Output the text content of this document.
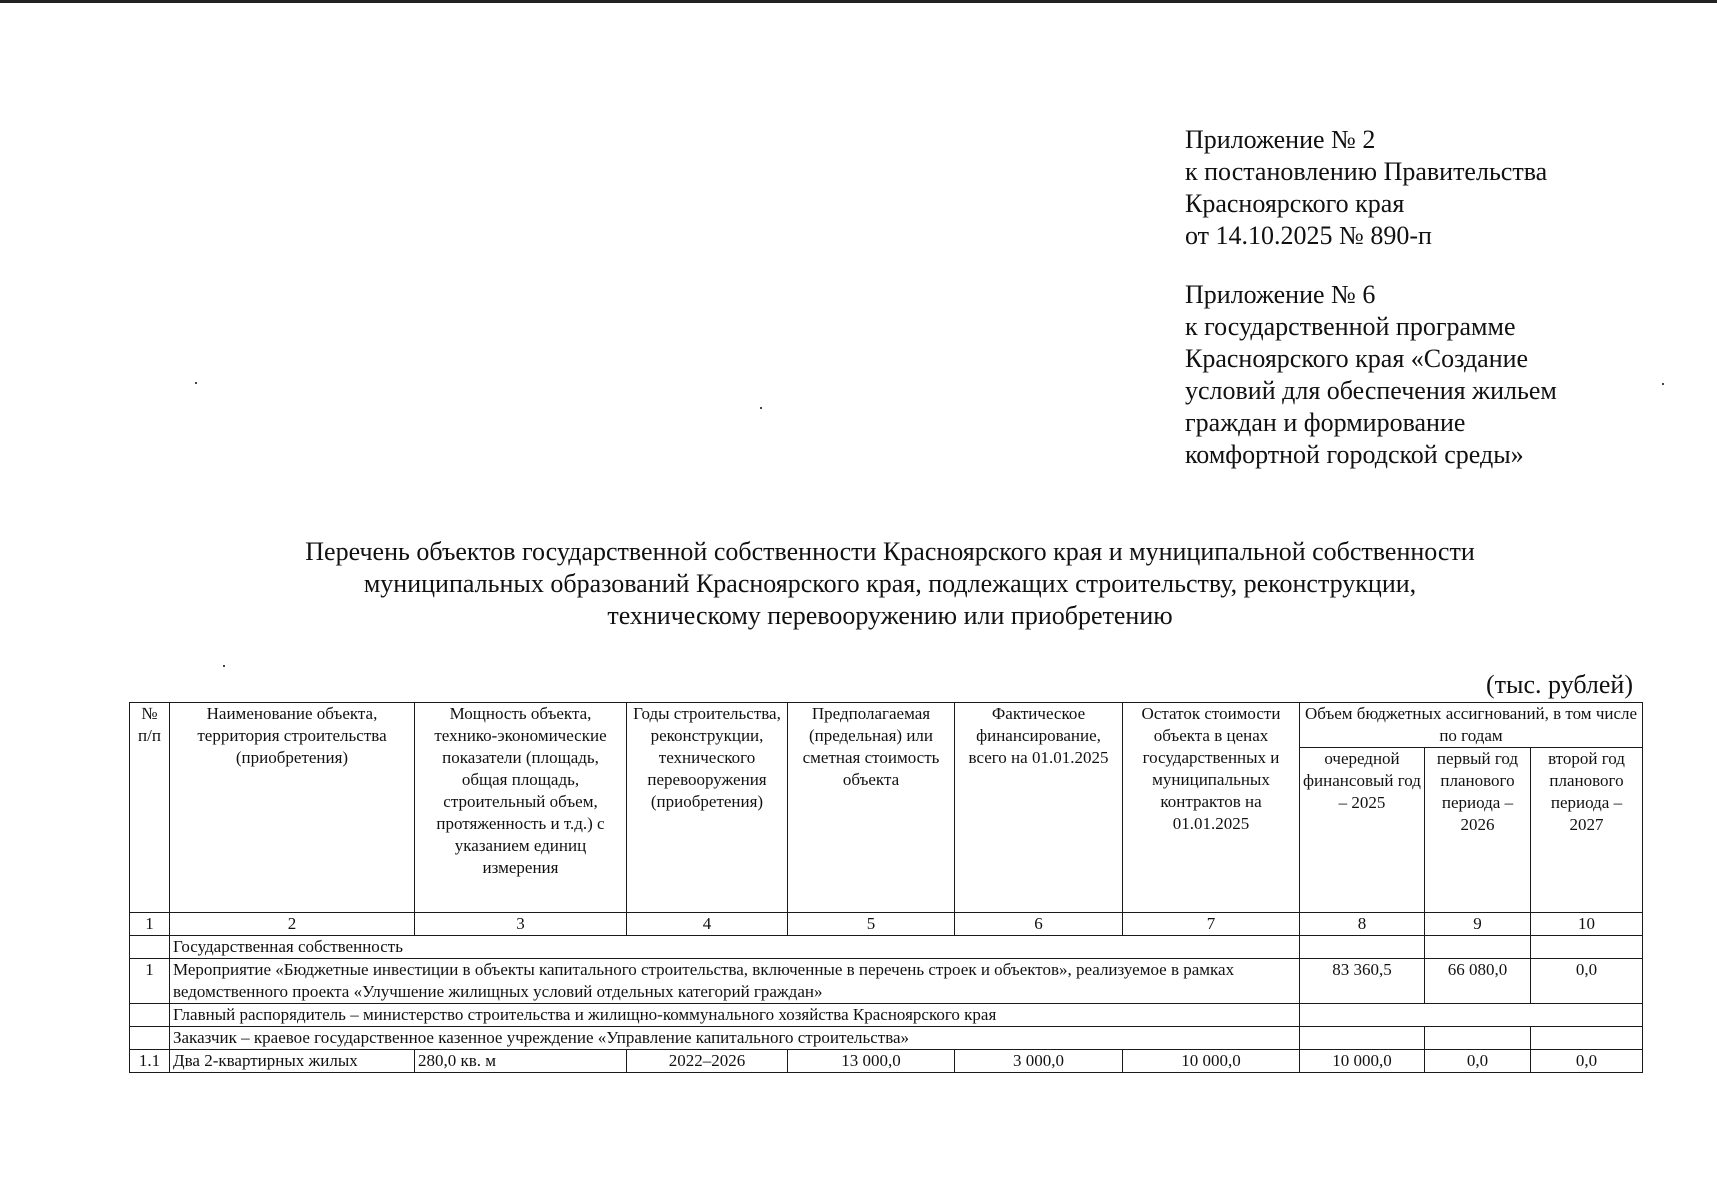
Приложение № 2
к постановлению Правительства
Красноярского края
от 14.10.2025 № 890-п
Приложение № 6
к государственной программе
Красноярского края «Создание
условий для обеспечения жильем
граждан и формирование
комфортной городской среды»
Перечень объектов государственной собственности Красноярского края и муниципальной собственности
муниципальных образований Красноярского края, подлежащих строительству, реконструкции,
техническому перевооружению или приобретению
(тыс. рублей)
№ п/п	Наименование объекта, территория строительства (приобретения)	Мощность объекта, технико-экономические показатели (площадь, общая площадь, строительный объем, протяженность и т.д.) с указанием единиц измерения	Годы строительства, реконструкции, технического перевооружения (приобретения)	Предполагаемая (предельная) или сметная стоимость объекта	Фактическое финансирование, всего на 01.01.2025	Остаток стоимости объекта в ценах государственных и муниципальных контрактов на 01.01.2025	Объем бюджетных ассигнований, в том числе по годам		
							очередной финансовый год – 2025	первый год планового периода – 2026	второй год планового периода – 2027
1	2	3	4	5	6	7	8	9	10
	Государственная собственность								
1	Мероприятие «Бюджетные инвестиции в объекты капитального строительства, включенные в перечень строек и объектов», реализуемое в рамках ведомственного проекта «Улучшение жилищных условий отдельных категорий граждан»						83 360,5	66 080,0	0,0
	Главный распорядитель – министерство строительства и жилищно-коммунального хозяйства Красноярского края								
	Заказчик – краевое государственное казенное учреждение «Управление капитального строительства»								
1.1	Два 2-квартирных жилых	280,0 кв. м	2022–2026	13 000,0	3 000,0	10 000,0	10 000,0	0,0	0,0
